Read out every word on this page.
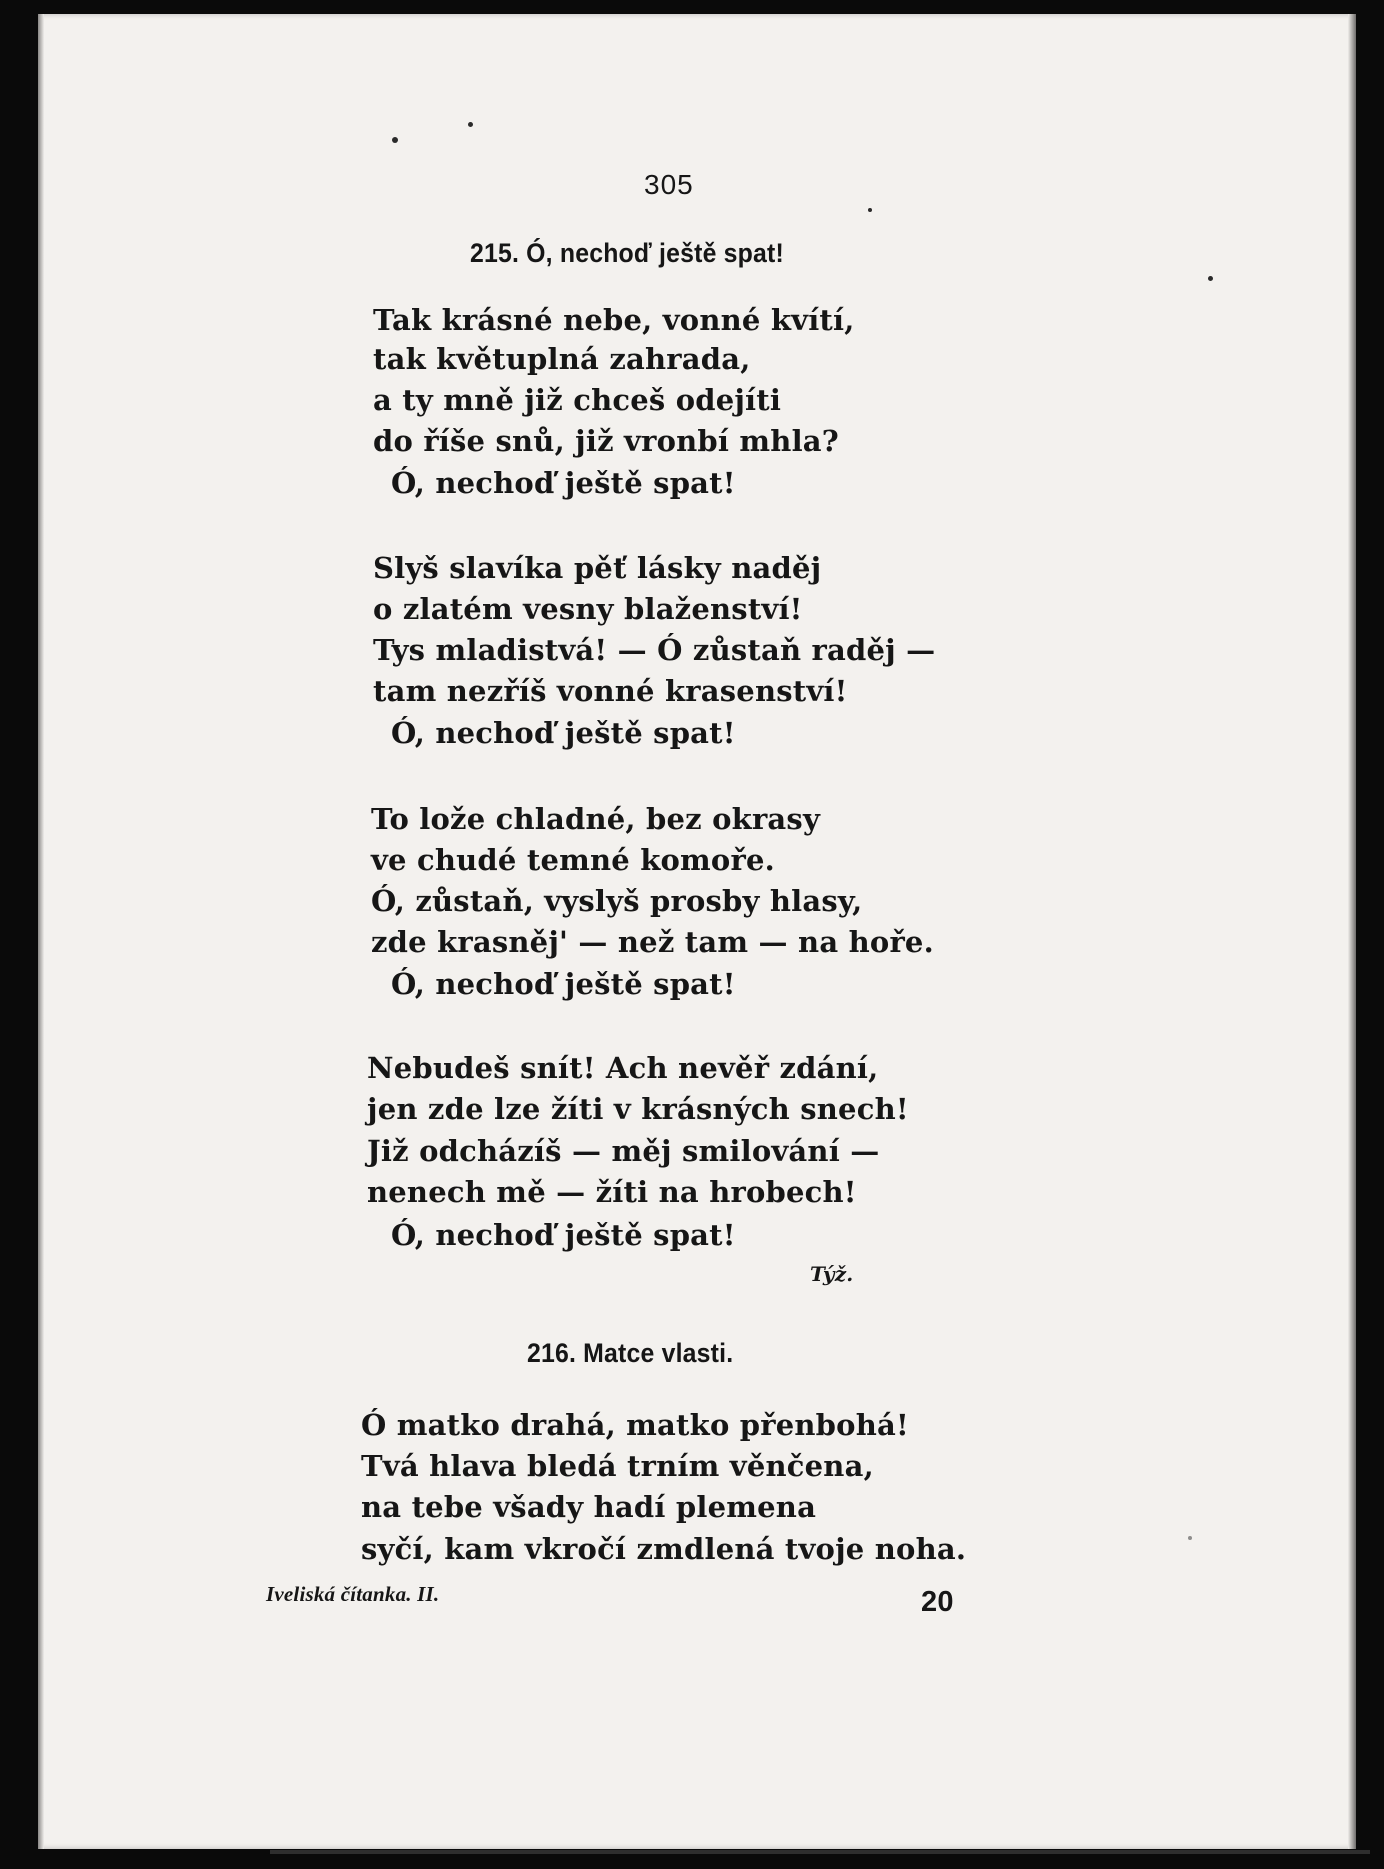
305
215. Ó, nechoď ještě spat!
Tak krásné nebe, vonné kvítí,
tak květuplná zahrada,
a ty mně již chceš odejíti
do říše snů, již vronbí mhla?
Ó, nechoď ještě spat!
Slyš slavíka pěť lásky naděj
o zlatém vesny blaženství!
Tys mladistvá! — Ó zůstaň raděj —
tam nezříš vonné krasenství!
Ó, nechoď ještě spat!
To lože chladné, bez okrasy
ve chudé temné komoře.
Ó, zůstaň, vyslyš prosby hlasy,
zde krasněj' — než tam — na hoře.
Ó, nechoď ještě spat!
Nebudeš snít! Ach nevěř zdání,
jen zde lze žíti v krásných snech!
Již odcházíš — měj smilování —
nenech mě — žíti na hrobech!
Ó, nechoď ještě spat!
Týž.
216. Matce vlasti.
Ó matko drahá, matko přenbohá!
Tvá hlava bledá trním věnčena,
na tebe všady hadí plemena
syčí, kam vkročí zmdlená tvoje noha.
Iveliská čítanka. II.	20
